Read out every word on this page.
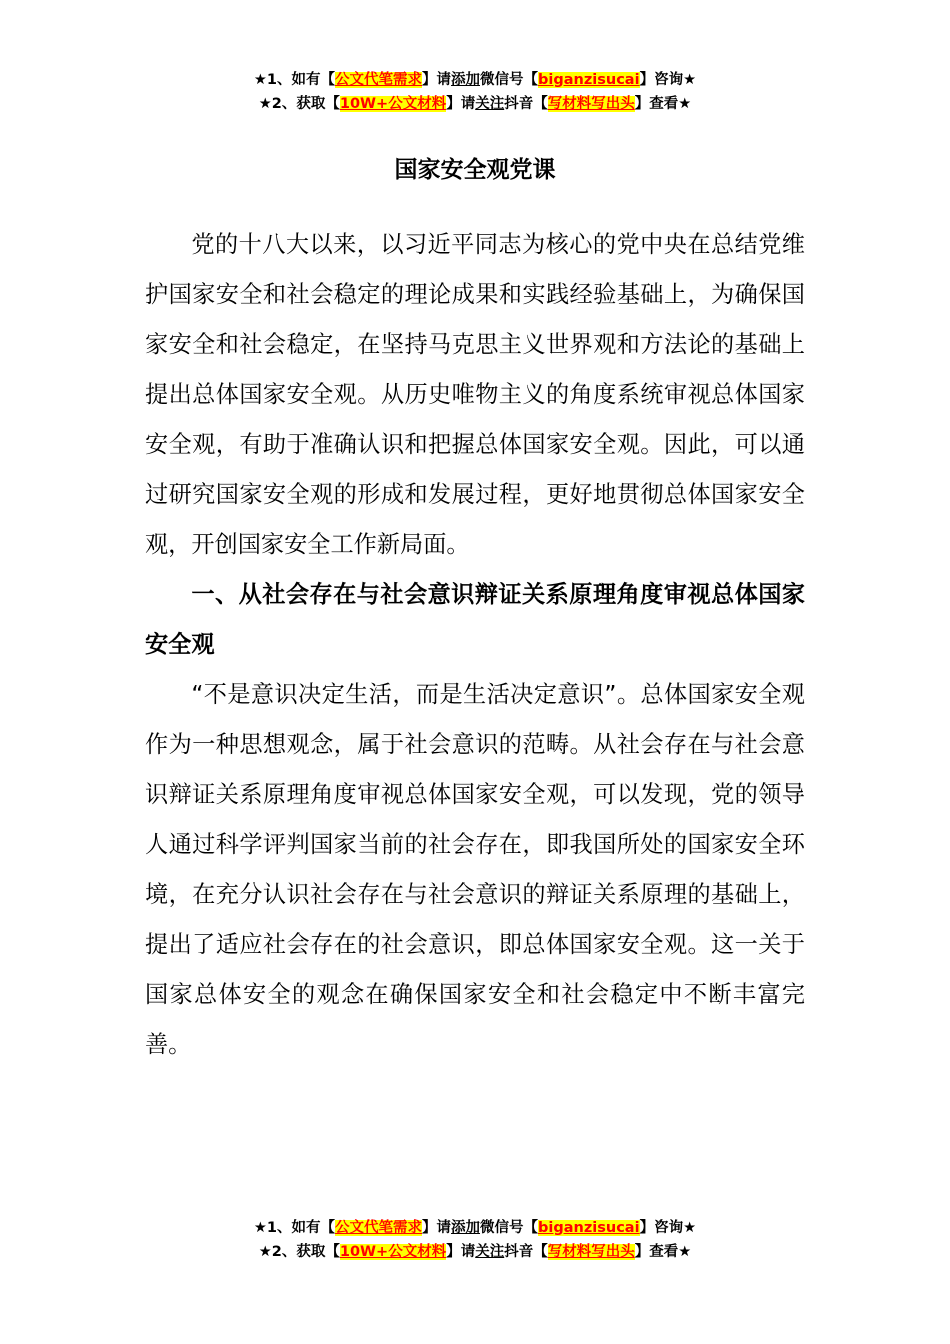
★1、如有【公文代笔需求】请添加微信号【biganzisucai】咨询★
★2、获取【10W+公文材料】请关注抖音【写材料写出头】查看★
国家安全观党课

党的十八大以来，以习近平同志为核心的党中央在总结党维护国家安全和社会稳定的理论成果和实践经验基础上，为确保国家安全和社会稳定，在坚持马克思主义世界观和方法论的基础上提出总体国家安全观。从历史唯物主义的角度系统审视总体国家安全观，有助于准确认识和把握总体国家安全观。因此，可以通过研究国家安全观的形成和发展过程，更好地贯彻总体国家安全观，开创国家安全工作新局面。

一、从社会存在与社会意识辩证关系原理角度审视总体国家安全观

“不是意识决定生活，而是生活决定意识”。总体国家安全观作为一种思想观念，属于社会意识的范畴。从社会存在与社会意识辩证关系原理角度审视总体国家安全观，可以发现，党的领导人通过科学评判国家当前的社会存在，即我国所处的国家安全环境，在充分认识社会存在与社会意识的辩证关系原理的基础上，提出了适应社会存在的社会意识，即总体国家安全观。这一关于国家总体安全的观念在确保国家安全和社会稳定中不断丰富完善。

★1、如有【公文代笔需求】请添加微信号【biganzisucai】咨询★
★2、获取【10W+公文材料】请关注抖音【写材料写出头】查看★
